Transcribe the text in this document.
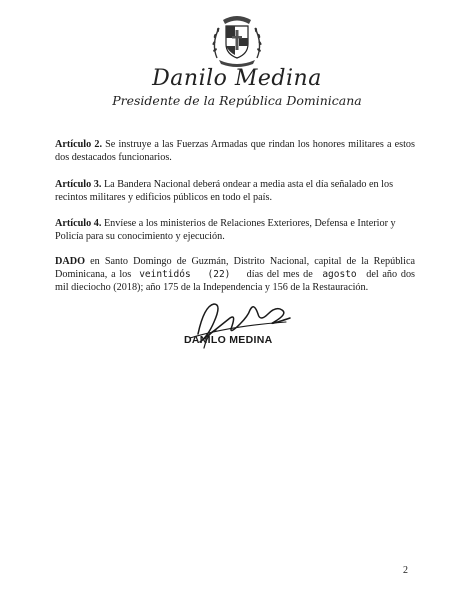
Danilo Medina
Presidente de la República Dominicana

Artículo 2. Se instruye a las Fuerzas Armadas que rindan los honores militares a estos dos destacados funcionarios.

Artículo 3. La Bandera Nacional deberá ondear a media asta el día señalado en los recintos militares y edificios públicos en todo el país.

Artículo 4. Envíese a los ministerios de Relaciones Exteriores, Defensa e Interior y Policía para su conocimiento y ejecución.

DADO en Santo Domingo de Guzmán, Distrito Nacional, capital de la República Dominicana, a los veintidós (22) días del mes de agosto del año dos mil dieciocho (2018); año 175 de la Independencia y 156 de la Restauración.

DANILO MEDINA
2
